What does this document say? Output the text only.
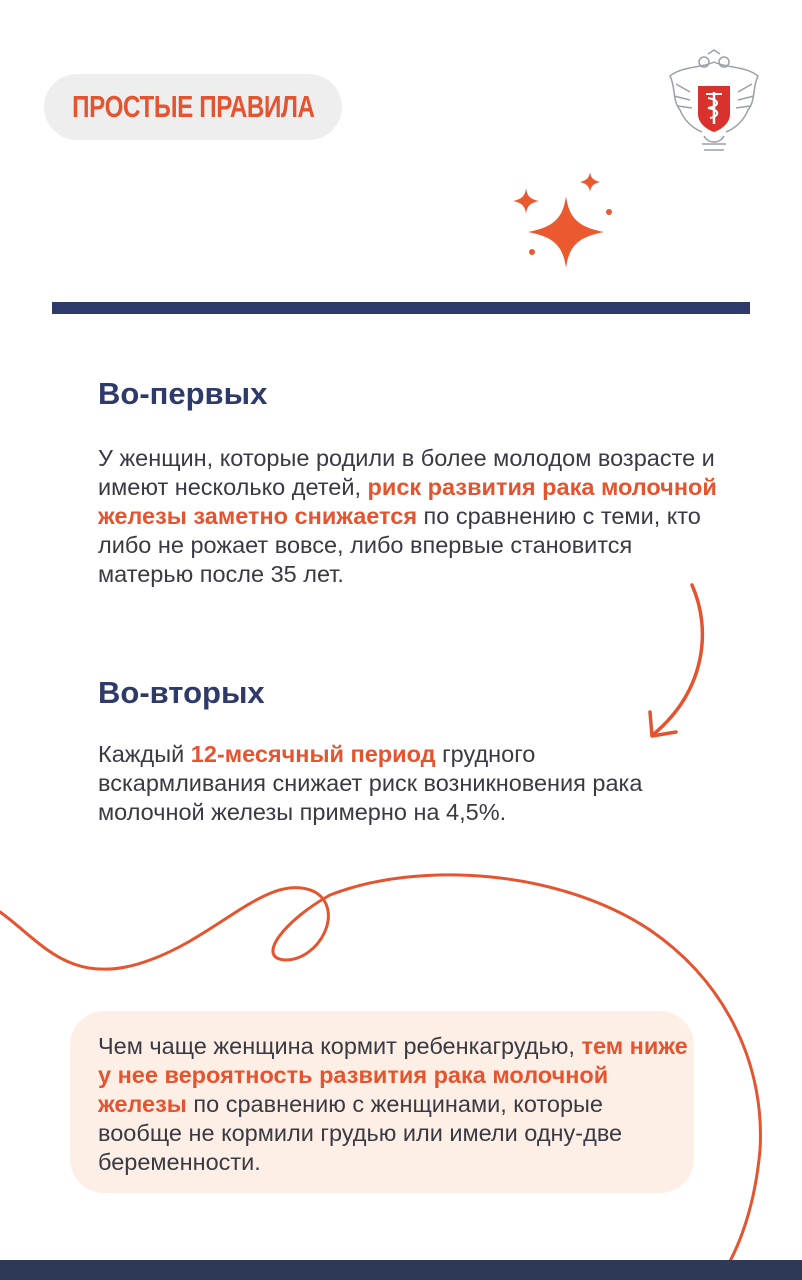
ПРОСТЫЕ ПРАВИЛА
Во-первых

У женщин, которые родили в более молодом возрасте и имеют несколько детей, риск развития рака молочной железы заметно снижается по сравнению с теми, кто либо не рожает вовсе, либо впервые становится матерью после 35 лет.

Во-вторых

Каждый 12-месячный период грудного вскармливания снижает риск возникновения рака молочной железы примерно на 4,5%.

Чем чаще женщина кормит ребенкагрудью, тем ниже у нее вероятность развития рака молочной железы по сравнению с женщинами, которые вообще не кормили грудью или имели одну-две беременности.
